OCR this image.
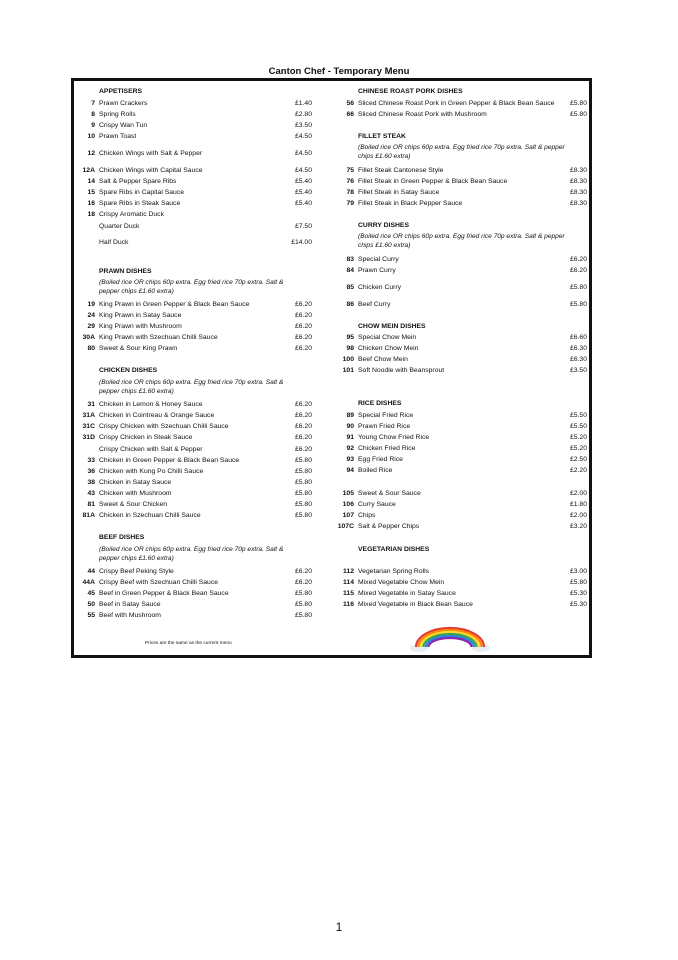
Canton Chef - Temporary Menu
APPETISERS
7 Prawn Crackers	£1.40
8 Spring Rolls	£2.80
9 Crispy Wan Tun	£3.50
10 Prawn Toast	£4.50
12 Chicken Wings with Salt & Pepper	£4.50
12A Chicken Wings with Capital Sauce	£4.50
14 Salt & Pepper Spare Ribs	£5.40
15 Spare Ribs in Capital Sauce	£5.40
16 Spare Ribs in Steak Sauce	£5.40
18 Crispy Aromatic Duck
Quarter Duck	£7.50
Half Duck	£14.00
PRAWN DISHES
(Boiled rice OR chips 60p extra. Egg fried rice 70p extra. Salt & pepper chips £1.60 extra)
19 King Prawn in Green Pepper & Black Bean Sauce	£6.20
24 King Prawn in Satay Sauce	£6.20
29 King Prawn with Mushroom	£6.20
30A King Prawn with Szechuan Chilli Sauce	£6.20
80 Sweet & Sour King Prawn	£6.20
CHICKEN DISHES
(Boiled rice OR chips 60p extra. Egg fried rice 70p extra. Salt & pepper chips £1.60 extra)
31 Chicken in Lemon & Honey Sauce	£6.20
31A Chicken in Cointreau & Orange Sauce	£6.20
31C Crispy Chicken with Szechuan Chilli Sauce	£6.20
31D Crispy Chicken in Steak Sauce	£6.20
Crispy Chicken with Salt & Pepper	£6.20
33 Chicken in Green Pepper & Black Bean Sauce	£5.80
36 Chicken with Kung Po Chilli Sauce	£5.80
38 Chicken in Satay Sauce	£5.80
43 Chicken with Mushroom	£5.80
81 Sweet & Sour Chicken	£5.80
81A Chicken in Szechuan Chilli Sauce	£5.80
BEEF DISHES
(Boiled rice OR chips 60p extra. Egg fried rice 70p extra. Salt & pepper chips £1.60 extra)
44 Crispy Beef Peking Style	£6.20
44A Crispy Beef with Szechuan Chilli Sauce	£6.20
45 Beef in Green Pepper & Black Bean Sauce	£5.80
50 Beef in Satay Sauce	£5.80
55 Beef with Mushroom	£5.80
CHINESE ROAST PORK DISHES
56 Sliced Chinese Roast Pork in Green Pepper & Black Bean Sauce £5.80
66 Sliced Chinese Roast Pork with Mushroom	£5.80
FILLET STEAK
(Boiled rice OR chips 60p extra. Egg fried rice 70p extra. Salt & pepper chips £1.60 extra)
75 Fillet Steak Cantonese Style	£8.30
76 Fillet Steak in Green Pepper & Black Bean Sauce	£8.30
78 Fillet Steak in Satay Sauce	£8.30
79 Fillet Steak in Black Pepper Sauce	£8.30
CURRY DISHES
(Boiled rice OR chips 60p extra. Egg fried rice 70p extra. Salt & pepper chips £1.60 extra)
83 Special Curry	£6.20
84 Prawn Curry	£6.20
85 Chicken Curry	£5.80
86 Beef Curry	£5.80
CHOW MEIN DISHES
95 Special Chow Mein	£6.60
98 Chicken Chow Mein	£6.30
100 Beef Chow Mein	£6.30
101 Soft Noodle with Beansprout	£3.50
RICE DISHES
89 Special Fried Rice	£5.50
90 Prawn Fried Rice	£5.50
91 Young Chow Fried Rice	£5.20
92 Chicken Fried Rice	£5.20
93 Egg Fried Rice	£2.50
94 Boiled Rice	£2.20
105 Sweet & Sour Sauce	£2.00
106 Curry Sauce	£1.80
107 Chips	£2.00
107C Salt & Pepper Chips	£3.20
VEGETARIAN DISHES
112 Vegetarian Spring Rolls	£3.00
114 Mixed Vegetable Chow Mein	£5.80
115 Mixed Vegetable in Satay Sauce	£5.30
116 Mixed Vegetable in Black Bean Sauce	£5.30
Prices are the same as the current menu
1
